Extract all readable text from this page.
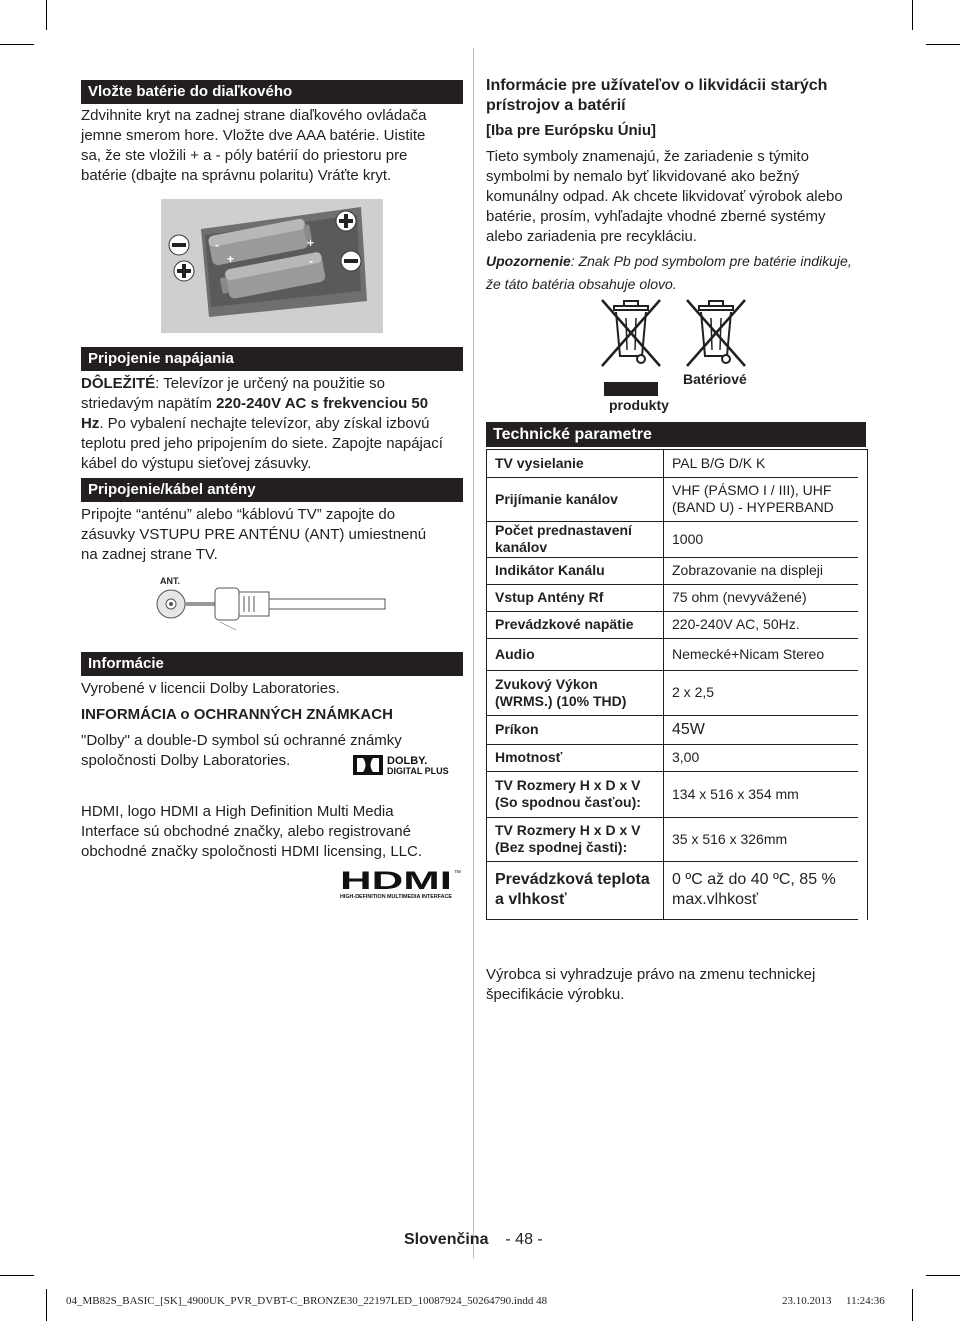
Vložte batérie do diaľkového

Zdvihnite kryt na zadnej strane diaľkového ovládača

jemne smerom hore. Vložte dve AAA batérie. Uistite

sa, že ste vložili + a - póly batérií do priestoru pre

batérie (dbajte na správnu polaritu) Vráťte kryt.

-
+
+
-
Pripojenie napájania

DÔLEŽITÉ: Televízor je určený na použitie so

striedavým napätím 220-240V AC s frekvenciou 50

Hz. Po vybalení nechajte televízor, aby získal izbovú

teplotu pred jeho pripojením do siete. Zapojte napájací

kábel do výstupu sieťovej zásuvky.

Pripojenie/kábel antény

Pripojte “anténu” alebo “káblovú TV” zapojte do

zásuvky VSTUPU PRE ANTÉNU (ANT) umiestnenú

na zadnej strane TV.

ANT.
Informácie

Vyrobené v licencii Dolby Laboratories.

INFORMÁCIA o OCHRANNÝCH ZNÁMKACH

"Dolby" a double-D symbol sú ochranné známky

spoločnosti Dolby Laboratories.	DOLBY.
DIGITAL PLUS

HDMI, logo HDMI a High Definition Multi Media

Interface sú obchodné značky, alebo registrované

obchodné značky spoločnosti HDMI licensing, LLC.

HDMI ™
HIGH-DEFINITION MULTIMEDIA INTERFACE

Informácie pre užívateľov o likvidácii starých

prístrojov a batérií

[Iba pre Európsku Úniu]

Tieto symboly znamenajú, že zariadenie s týmito

symbolmi by nemalo byť likvidované ako bežný

komunálny odpad. Ak chcete likvidovať výrobok alebo

batérie, prosím, vyhľadajte vhodné zberné systémy

alebo zariadenia pre recykláciu.

Upozornenie: Znak Pb pod symbolom pre batérie indikuje,

že táto batéria obsahuje olovo.

Batériové
produkty
Technické parametre
TV vysielanie	PAL B/G D/K K
Prijímanie kanálov	VHF (PÁSMO I / III), UHF (BAND U) - HYPERBAND
Počet prednastavení kanálov	1000
Indikátor Kanálu	Zobrazovanie na displeji
Vstup Antény Rf	75 ohm (nevyvážené)
Prevádzkové napätie	220-240V AC, 50Hz.
Audio	Nemecké+Nicam Stereo
Zvukový Výkon (WRMS.) (10% THD)	2 x 2,5
Príkon	45W
Hmotnosť	3,00
TV Rozmery H x D x V (So spodnou časťou):	134 x 516 x 354 mm
TV Rozmery H x D x V (Bez spodnej časti):	35 x 516 x 326mm
Prevádzková teplota a vlhkosť	0 ºC až do 40 ºC, 85 % max.vlhkosť

Výrobca si vyhradzuje právo na zmenu technickej

špecifikácie výrobku.

Slovenčina - 48 -
04_MB82S_BASIC_[SK]_4900UK_PVR_DVBT-C_BRONZE30_22197LED_10087924_50264790.indd 48	23.10.2013 11:24:36
